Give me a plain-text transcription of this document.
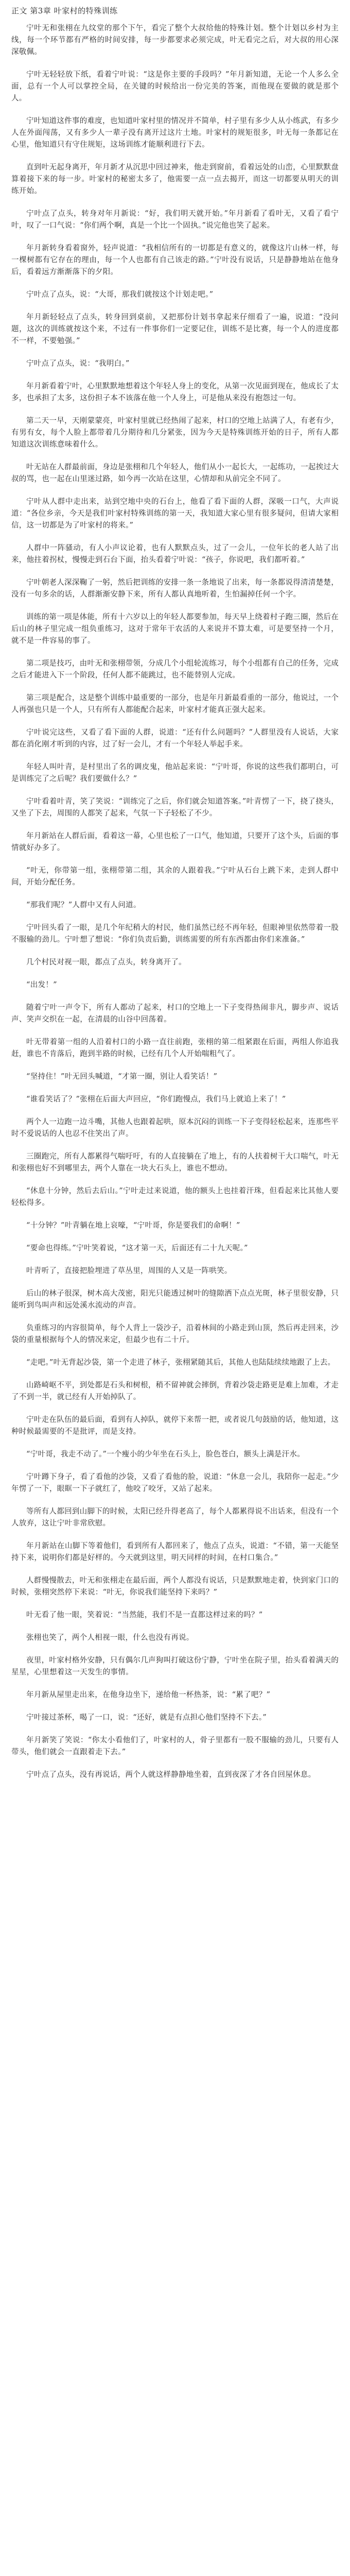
正文 第3章 叶家村的特殊训练

宁叶无和张栩在九纹堂的那个下午，看完了整个大叔给他的特殊计划。整个计划以乡村为主线，每一个环节都有严格的时间安排，每一步都要求必须完成，叶无看完之后，对大叔的用心深深敬佩。

宁叶无轻轻放下纸，看着宁叶说：“这是你主要的手段吗？”年月新知道，无论一个人多么全面，总有一个人可以掌控全局，在关键的时候给出一份完美的答案，而他现在要做的就是那个人。

宁叶知道这件事的难度，也知道叶家村里的情况并不简单，村子里有多少人从小练武，有多少人在外面闯荡，又有多少人一辈子没有离开过这片土地。叶家村的规矩很多，叶无每一条都记在心里，他知道只有守住规矩，这场训练才能顺利进行下去。

直到叶无起身离开，年月新才从沉思中回过神来，他走到窗前，看着远处的山峦，心里默默盘算着接下来的每一步。叶家村的秘密太多了，他需要一点一点去揭开，而这一切都要从明天的训练开始。

宁叶点了点头，转身对年月新说：“好，我们明天就开始。”年月新看了看叶无，又看了看宁叶，叹了一口气说：“你们两个啊，真是一个比一个固执。”说完他也笑了起来。

年月新转身看着窗外，轻声说道：“我相信所有的一切都是有意义的，就像这片山林一样，每一棵树都有它存在的理由，每一个人也都有自己该走的路。”宁叶没有说话，只是静静地站在他身后，看着远方渐渐落下的夕阳。

宁叶点了点头，说：“大哥，那我们就按这个计划走吧。”

年月新轻轻点了点头，转身回到桌前，又把那份计划书拿起来仔细看了一遍，说道：“没问题，这次的训练就按这个来，不过有一件事你们一定要记住，训练不是比赛，每一个人的进度都不一样，不要勉强。”

宁叶点了点头，说：“我明白。”

年月新看着宁叶，心里默默地想着这个年轻人身上的变化，从第一次见面到现在，他成长了太多，也承担了太多，这份担子本不该落在他一个人身上，可是他从来没有抱怨过一句。

第二天一早，天刚蒙蒙亮，叶家村里就已经热闹了起来，村口的空地上站满了人，有老有少，有男有女，每个人脸上都带着几分期待和几分紧张，因为今天是特殊训练开始的日子，所有人都知道这次训练意味着什么。

叶无站在人群最前面，身边是张栩和几个年轻人，他们从小一起长大，一起练功，一起挨过大叔的骂，也一起在山里迷过路，如今再一次站在这里，心情却和从前完全不同了。

宁叶从人群中走出来，站到空地中央的石台上，他看了看下面的人群，深吸一口气，大声说道：“各位乡亲，今天是我们叶家村特殊训练的第一天，我知道大家心里有很多疑问，但请大家相信，这一切都是为了叶家村的将来。”

人群中一阵骚动，有人小声议论着，也有人默默点头，过了一会儿，一位年长的老人站了出来，他拄着拐杖，慢慢走到石台下面，抬头看着宁叶说：“孩子，你说吧，我们都听着。”

宁叶朝老人深深鞠了一躬，然后把训练的安排一条一条地说了出来，每一条都说得清清楚楚，没有一句多余的话，人群渐渐安静下来，所有人都认真地听着，生怕漏掉任何一个字。

训练的第一项是体能，所有十六岁以上的年轻人都要参加，每天早上绕着村子跑三圈，然后在后山的林子里完成一组负重练习，这对于常年干农活的人来说并不算太难，可是要坚持一个月，就不是一件容易的事了。

第二项是技巧，由叶无和张栩带领，分成几个小组轮流练习，每个小组都有自己的任务，完成之后才能进入下一个阶段，任何人都不能跳过，也不能替别人完成。

第三项是配合，这是整个训练中最重要的一部分，也是年月新最看重的一部分，他说过，一个人再强也只是一个人，只有所有人都能配合起来，叶家村才能真正强大起来。

宁叶说完这些，又看了看下面的人群，说道：“还有什么问题吗？”人群里没有人说话，大家都在消化刚才听到的内容，过了好一会儿，才有一个年轻人举起手来。

年轻人叫叶青，是村里出了名的调皮鬼，他站起来说：“宁叶哥，你说的这些我们都明白，可是训练完了之后呢？我们要做什么？”

宁叶看着叶青，笑了笑说：“训练完了之后，你们就会知道答案。”叶青愣了一下，挠了挠头，又坐了下去，周围的人都笑了起来，气氛一下子轻松了不少。

年月新站在人群后面，看着这一幕，心里也松了一口气，他知道，只要开了这个头，后面的事情就好办多了。

“叶无，你带第一组，张栩带第二组，其余的人跟着我。”宁叶从石台上跳下来，走到人群中间，开始分配任务。

“那我们呢？”人群中又有人问道。

宁叶回头看了一眼，是几个年纪稍大的村民，他们虽然已经不再年轻，但眼神里依然带着一股不服输的劲儿。宁叶想了想说：“你们负责后勤，训练需要的所有东西都由你们来准备。”

几个村民对视一眼，都点了点头，转身离开了。

“出发！”

随着宁叶一声令下，所有人都动了起来，村口的空地上一下子变得热闹非凡，脚步声、说话声、笑声交织在一起，在清晨的山谷中回荡着。

叶无带着第一组的人沿着村口的小路一直往前跑，张栩的第二组紧跟在后面，两组人你追我赶，谁也不肯落后，跑到半路的时候，已经有几个人开始喘粗气了。

“坚持住！”叶无回头喊道，“才第一圈，别让人看笑话！”

“谁看笑话了？”张栩在后面大声回应，“你们跑慢点，我们马上就追上来了！”

两个人一边跑一边斗嘴，其他人也跟着起哄，原本沉闷的训练一下子变得轻松起来，连那些平时不爱说话的人也忍不住笑出了声。

三圈跑完，所有人都累得气喘吁吁，有的人直接躺在了地上，有的人扶着树干大口喘气，叶无和张栩也好不到哪里去，两个人靠在一块大石头上，谁也不想动。

“休息十分钟，然后去后山。”宁叶走过来说道，他的额头上也挂着汗珠，但看起来比其他人要轻松得多。

“十分钟？”叶青躺在地上哀嚎，“宁叶哥，你是要我们的命啊！”

“要命也得练。”宁叶笑着说，“这才第一天，后面还有二十九天呢。”

叶青听了，直接把脸埋进了草丛里，周围的人又是一阵哄笑。

后山的林子很深，树木高大茂密，阳光只能透过树叶的缝隙洒下点点光斑，林子里很安静，只能听到鸟叫声和远处溪水流动的声音。

负重练习的内容很简单，每个人背上一袋沙子，沿着林间的小路走到山顶，然后再走回来，沙袋的重量根据每个人的情况来定，但最少也有二十斤。

“走吧。”叶无背起沙袋，第一个走进了林子，张栩紧随其后，其他人也陆陆续续地跟了上去。

山路崎岖不平，到处都是石头和树根，稍不留神就会摔倒，背着沙袋走路更是难上加难，才走了不到一半，就已经有人开始掉队了。

宁叶走在队伍的最后面，看到有人掉队，就停下来帮一把，或者说几句鼓励的话，他知道，这种时候最需要的不是批评，而是支持。

“宁叶哥，我走不动了。”一个瘦小的少年坐在石头上，脸色苍白，额头上满是汗水。

宁叶蹲下身子，看了看他的沙袋，又看了看他的脸，说道：“休息一会儿，我陪你一起走。”少年愣了一下，眼眶一下子就红了，他咬了咬牙，又站了起来。

等所有人都回到山脚下的时候，太阳已经升得老高了，每个人都累得说不出话来，但没有一个人放弃，这让宁叶非常欣慰。

年月新站在山脚下等着他们，看到所有人都回来了，他点了点头，说道：“不错，第一天能坚持下来，说明你们都是好样的。今天就到这里，明天同样的时间，在村口集合。”

人群慢慢散去，叶无和张栩走在最后面，两个人都没有说话，只是默默地走着，快到家门口的时候，张栩突然停下来说：“叶无，你说我们能坚持下来吗？”

叶无看了他一眼，笑着说：“当然能，我们不是一直都这样过来的吗？”

张栩也笑了，两个人相视一眼，什么也没有再说。

夜里，叶家村格外安静，只有偶尔几声狗叫打破这份宁静，宁叶坐在院子里，抬头看着满天的星星，心里想着这一天发生的事情。

年月新从屋里走出来，在他身边坐下，递给他一杯热茶，说：“累了吧？”

宁叶接过茶杯，喝了一口，说：“还好，就是有点担心他们坚持不下去。”

年月新笑了笑说：“你太小看他们了，叶家村的人，骨子里都有一股不服输的劲儿，只要有人带头，他们就会一直跟着走下去。”

宁叶点了点头，没有再说话，两个人就这样静静地坐着，直到夜深了才各自回屋休息。
